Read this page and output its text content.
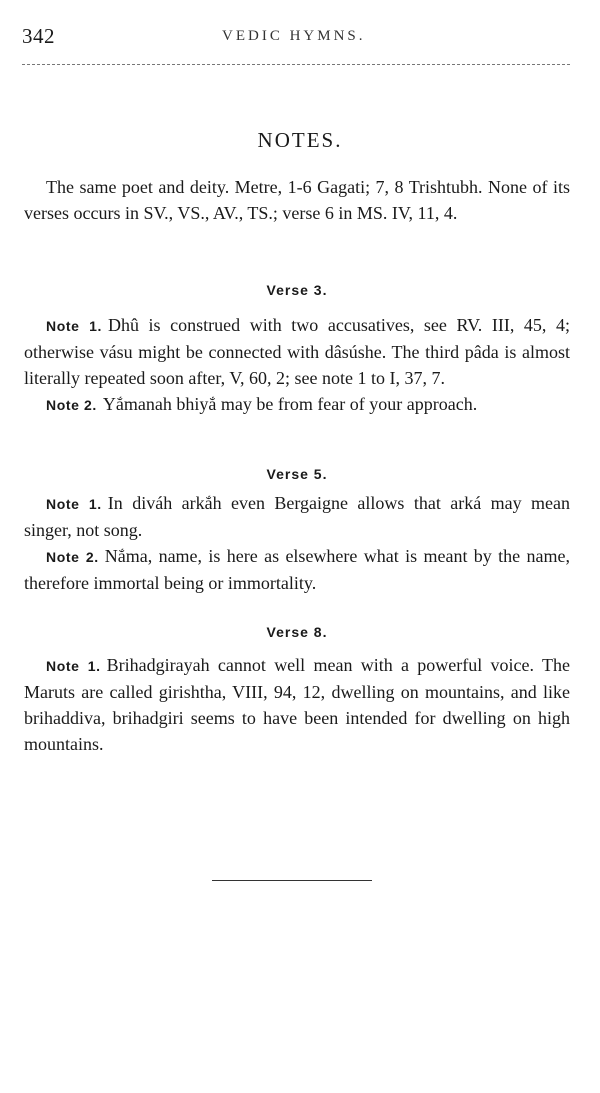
342	VEDIC HYMNS.
NOTES.

The same poet and deity. Metre, 1-6 Gagati; 7, 8 Trishtubh. None of its verses occurs in SV., VS., AV., TS.; verse 6 in MS. IV, 11, 4.

Verse 3.

Note 1. Dhû is construed with two accusatives, see RV. III, 45, 4; otherwise vásu might be connected with dâsúshe. The third pâda is almost literally repeated soon after, V, 60, 2; see note 1 to I, 37, 7.

Note 2. Yắmanah bhiyắ may be from fear of your approach.

Verse 5.

Note 1. In diváh arkắh even Bergaigne allows that arká may mean singer, not song.

Note 2. Nắma, name, is here as elsewhere what is meant by the name, therefore immortal being or immortality.

Verse 8.

Note 1. Brihadgirayah cannot well mean with a powerful voice. The Maruts are called girishtha, VIII, 94, 12, dwelling on mountains, and like brihaddiva, brihadgiri seems to have been intended for dwelling on high mountains.
